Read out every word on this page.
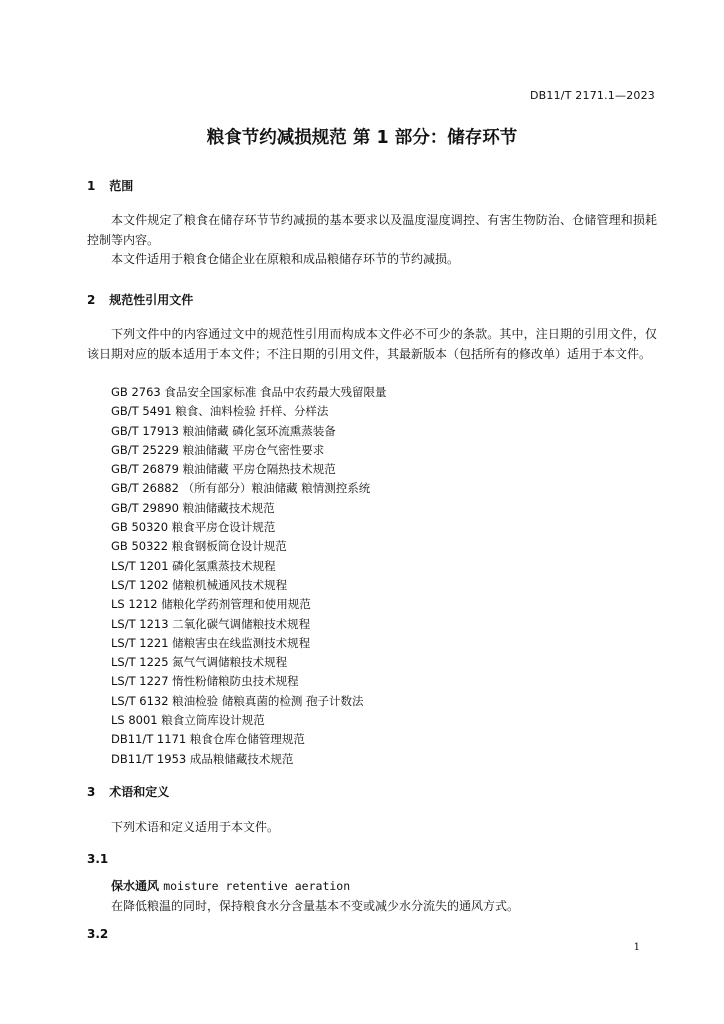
DB11/T 2171.1—2023
粮食节约减损规范 第 1 部分：储存环节
1 范围
本文件规定了粮食在储存环节节约减损的基本要求以及温度湿度调控、有害生物防治、仓储管理和损耗控制等内容。
本文件适用于粮食仓储企业在原粮和成品粮储存环节的节约减损。
2 规范性引用文件
下列文件中的内容通过文中的规范性引用而构成本文件必不可少的条款。其中，注日期的引用文件，仅该日期对应的版本适用于本文件；不注日期的引用文件，其最新版本（包括所有的修改单）适用于本文件。
GB 2763 食品安全国家标准 食品中农药最大残留限量
GB/T 5491 粮食、油料检验 扦样、分样法
GB/T 17913 粮油储藏 磷化氢环流熏蒸装备
GB/T 25229 粮油储藏 平房仓气密性要求
GB/T 26879 粮油储藏 平房仓隔热技术规范
GB/T 26882 （所有部分）粮油储藏 粮情测控系统
GB/T 29890 粮油储藏技术规范
GB 50320 粮食平房仓设计规范
GB 50322 粮食钢板筒仓设计规范
LS/T 1201 磷化氢熏蒸技术规程
LS/T 1202 储粮机械通风技术规程
LS 1212 储粮化学药剂管理和使用规范
LS/T 1213 二氧化碳气调储粮技术规程
LS/T 1221 储粮害虫在线监测技术规程
LS/T 1225 氮气气调储粮技术规程
LS/T 1227 惰性粉储粮防虫技术规程
LS/T 6132 粮油检验 储粮真菌的检测 孢子计数法
LS 8001 粮食立筒库设计规范
DB11/T 1171 粮食仓库仓储管理规范
DB11/T 1953 成品粮储藏技术规范
3 术语和定义
下列术语和定义适用于本文件。
3.1
保水通风 moisture retentive aeration
在降低粮温的同时，保持粮食水分含量基本不变或减少水分流失的通风方式。
3.2
1
